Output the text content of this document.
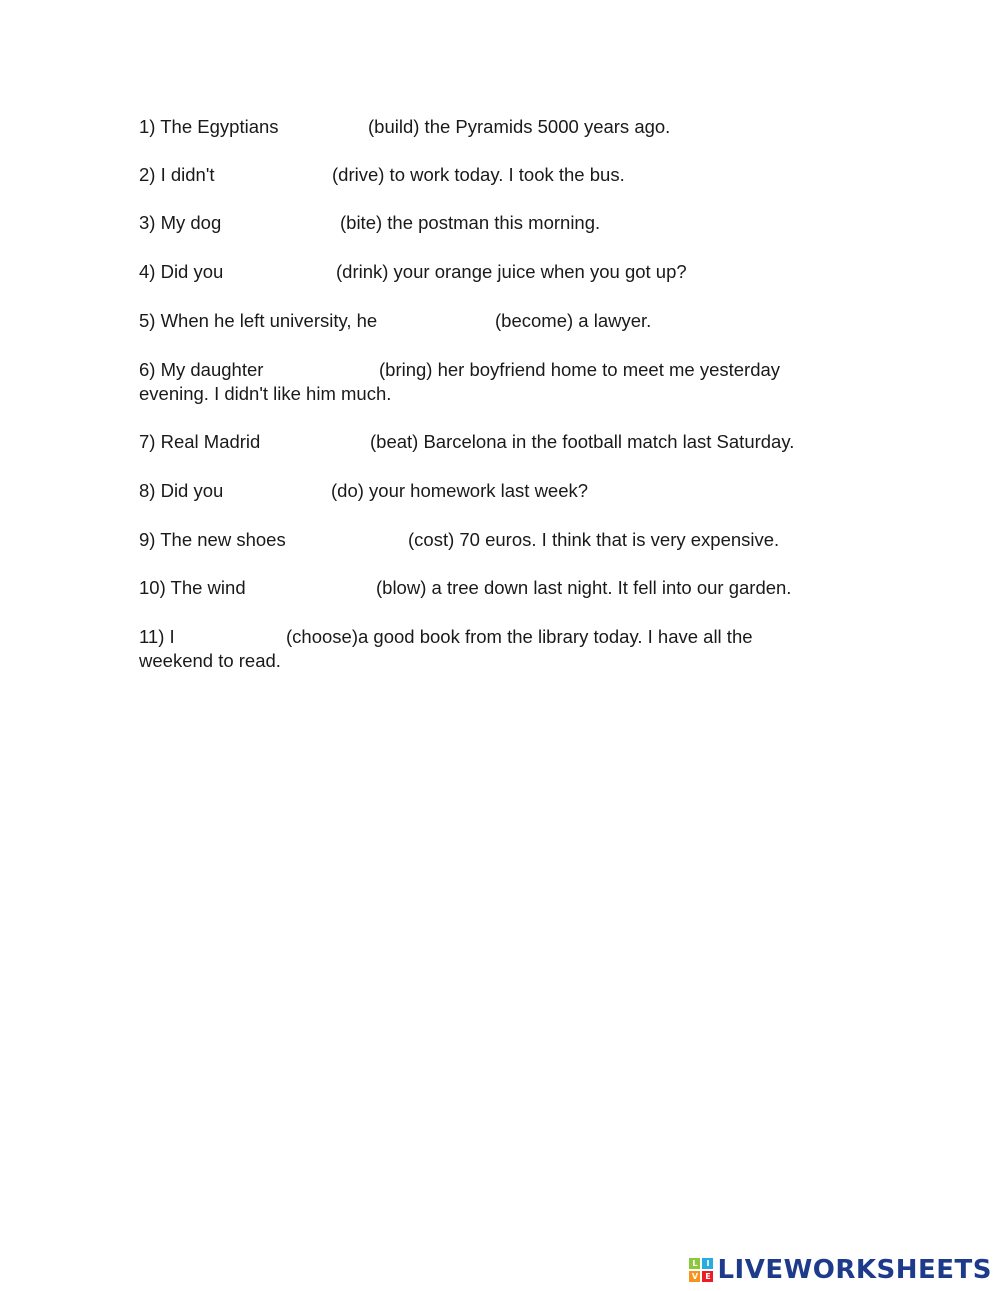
1) The Egyptians	(build) the Pyramids 5000 years ago.

2) I didn't	(drive) to work today. I took the bus.

3) My dog	(bite) the postman this morning.

4) Did you	(drink) your orange juice when you got up?

5) When he left university, he	(become) a lawyer.

6) My daughter	(bring) her boyfriend home to meet me yesterday
evening. I didn't like him much.

7) Real Madrid	(beat) Barcelona in the football match last Saturday.

8) Did you	(do) your homework last week?

9) The new shoes	(cost) 70 euros. I think that is very expensive.

10) The wind	(blow) a tree down last night. It fell into our garden.

11) I	(choose)a good book from the library today. I have all the
weekend to read.

L	I
V E LIVEWORKSHEETS
